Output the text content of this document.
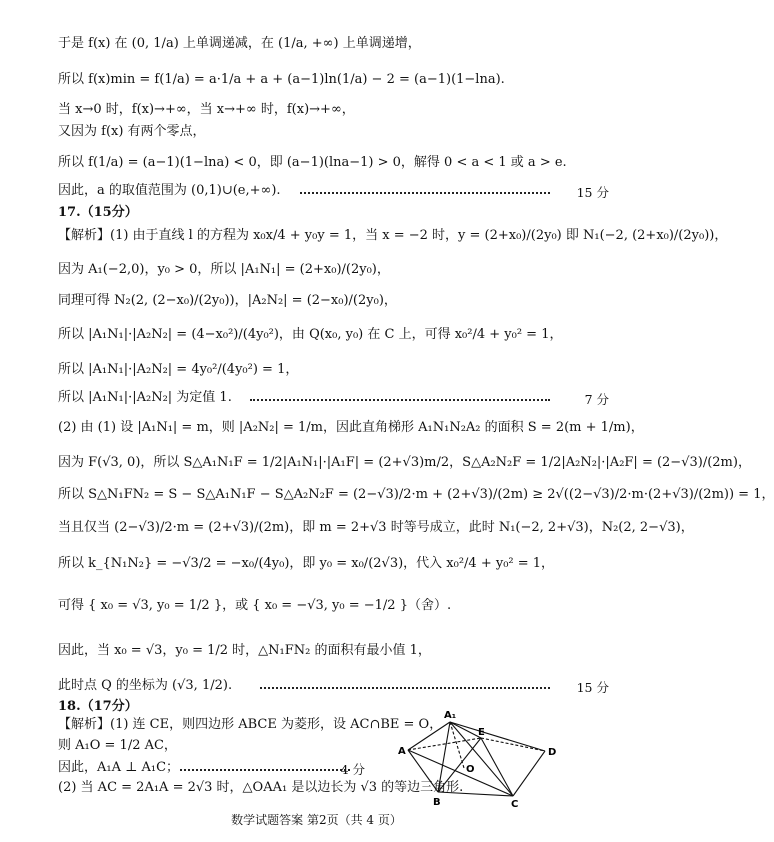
于是 f(x) 在 (0, 1/a) 上单调递减，在 (1/a, +∞) 上单调递增，
所以 f(x)min = f(1/a) = a·1/a + a + (a−1)ln(1/a) − 2 = (a−1)(1−lna).
当 x→0 时，f(x)→+∞，当 x→+∞ 时，f(x)→+∞，
又因为 f(x) 有两个零点，
所以 f(1/a) = (a−1)(1−lna) < 0，即 (a−1)(lna−1) > 0，解得 0 < a < 1 或 a > e.
因此，a 的取值范围为 (0,1)∪(e,+∞).	15 分
17.（15分）
【解析】(1) 由于直线 l 的方程为 x₀x/4 + y₀y = 1，当 x = −2 时，y = (2+x₀)/(2y₀) 即 N₁(−2, (2+x₀)/(2y₀))，
因为 A₁(−2,0)，y₀ > 0，所以 |A₁N₁| = (2+x₀)/(2y₀)，
同理可得 N₂(2, (2−x₀)/(2y₀))，|A₂N₂| = (2−x₀)/(2y₀)，
所以 |A₁N₁|·|A₂N₂| = (4−x₀²)/(4y₀²)，由 Q(x₀, y₀) 在 C 上，可得 x₀²/4 + y₀² = 1，
所以 |A₁N₁|·|A₂N₂| = 4y₀²/(4y₀²) = 1，
所以 |A₁N₁|·|A₂N₂| 为定值 1.	7 分
(2) 由 (1) 设 |A₁N₁| = m，则 |A₂N₂| = 1/m，因此直角梯形 A₁N₁N₂A₂ 的面积 S = 2(m + 1/m)，
因为 F(√3, 0)，所以 S△A₁N₁F = 1/2|A₁N₁|·|A₁F| = (2+√3)m/2，S△A₂N₂F = 1/2|A₂N₂|·|A₂F| = (2−√3)/(2m)，
所以 S△N₁FN₂ = S − S△A₁N₁F − S△A₂N₂F = (2−√3)/2·m + (2+√3)/(2m) ≥ 2√((2−√3)/2·m·(2+√3)/(2m)) = 1，
当且仅当 (2−√3)/2·m = (2+√3)/(2m)，即 m = 2+√3 时等号成立，此时 N₁(−2, 2+√3)，N₂(2, 2−√3)，
所以 k_{N₁N₂} = −√3/2 = −x₀/(4y₀)，即 y₀ = x₀/(2√3)，代入 x₀²/4 + y₀² = 1，
可得 { x₀ = √3, y₀ = 1/2 }，或 { x₀ = −√3, y₀ = −1/2 }（舍）.
因此，当 x₀ = √3，y₀ = 1/2 时，△N₁FN₂ 的面积有最小值 1，
此时点 Q 的坐标为 (√3, 1/2).	15 分
18.（17分）
【解析】(1) 连 CE，则四边形 ABCE 为菱形，设 AC∩BE = O，
则 A₁O = 1/2 AC，
因此，A₁A ⊥ A₁C；	4 分
(2) 当 AC = 2A₁A = 2√3 时，△OAA₁ 是以边长为 √3 的等边三角形.
A₁
A
E
D
O
B	C
数学试题答案 第2页（共 4 页）
